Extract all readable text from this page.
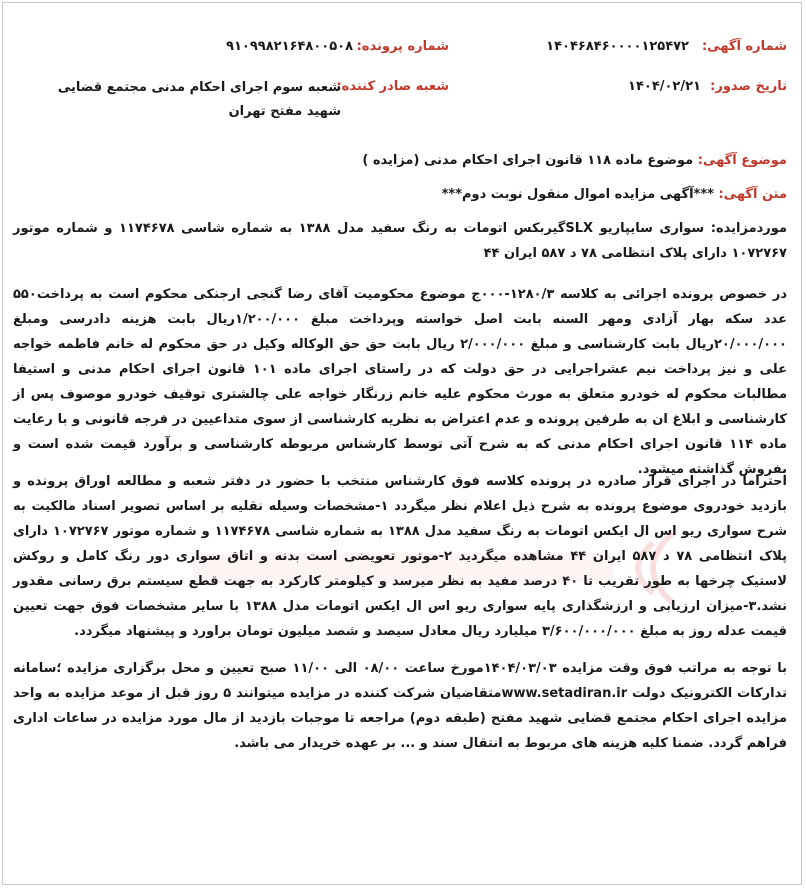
شماره آگهی:
۱۴۰۴۶۸۴۶۰۰۰۰۱۲۵۴۷۲
شماره پرونده:
۹۱۰۹۹۸۲۱۶۴۸۰۰۵۰۸
تاریخ صدور:
۱۴۰۴/۰۲/۲۱
شعبه صادر کننده:
شعبه سوم اجرای احکام مدنی مجتمع قضایی شهید مفتح تهران
موضوع آگهی: موضوع ماده ۱۱۸ قانون اجرای احکام مدنی (مزایده )
متن آگهی: ***آگهی مزایده اموال منقول نوبت دوم***
موردمزایده: سواری سایپاریو SLXگیربکس اتومات به رنگ سفید مدل ۱۳۸۸ به شماره شاسی ۱۱۷۴۶۷۸ و شماره موتور ۱۰۷۲۷۶۷ دارای پلاک انتظامی ۷۸ د ۵۸۷ ایران ۴۴
در خصوص پرونده اجرائی به کلاسه ۱۲۸۰/۳-۰۰۰ج موضوع محکومیت آقای رضا گنجی ارجنکی محکوم است به پرداخت۵۵۰ عدد سکه بهار آزادی ومهر السنه بابت اصل خواسته وپرداخت مبلغ ۱/۲۰۰/۰۰۰ریال بابت هزینه دادرسی ومبلغ ۲۰/۰۰۰/۰۰۰ریال بابت کارشناسی و مبلغ ۲/۰۰۰/۰۰۰ ریال بابت حق حق الوکاله وکیل در حق محکوم له خانم فاطمه خواجه علی و نیز پرداخت نیم عشراجرایی در حق دولت که در راستای اجرای ماده ۱۰۱ قانون اجرای احکام مدنی و استیفا مطالبات محکوم له خودرو متعلق به مورث محکوم علیه خانم زرنگار خواجه علی چالشتری توقیف خودرو موصوف پس از کارشناسی و ابلاغ ان به طرفین پرونده و عدم اعتراض به نظریه کارشناسی از سوی متداعیین در فرجه قانونی و با رعایت ماده ۱۱۴ قانون اجرای احکام مدنی که به شرح آتی توسط کارشناس مربوطه کارشناسی و برآورد قیمت شده است و بفروش گذاشته میشود.
احتراما در اجرای قرار صادره در پرونده کلاسه فوق کارشناس منتخب با حضور در دفتر شعبه و مطالعه اوراق پرونده و بازدید خودروی موضوع پرونده به شرح ذیل اعلام نظر میگردد ۱-مشخصات وسیله نقلیه بر اساس تصویر اسناد مالکیت به شرح سواری ریو اس ال ایکس اتومات به رنگ سفید مدل ۱۳۸۸ به شماره شاسی ۱۱۷۴۶۷۸ و شماره موتور ۱۰۷۲۷۶۷ دارای پلاک انتظامی ۷۸ د ۵۸۷ ایران ۴۴ مشاهده میگردید ۲-موتور تعویضی است بدنه و اتاق سواری دور رنگ کامل و روکش لاستیک چرخها به طور تقریب تا ۴۰ درصد مفید به نظر میرسد و کیلومتر کارکرد به جهت قطع سیستم برق رسانی مقدور نشد.۳-میزان ارزیابی و ارزشگذاری پایه سواری ریو اس ال ایکس اتومات مدل ۱۳۸۸ با سایر مشخصات فوق جهت تعیین قیمت عدله روز به مبلغ ۳/۶۰۰/۰۰۰/۰۰۰ میلیارد ریال معادل سیصد و شصد میلیون تومان براورد و پیشنهاد میگردد.
با توجه به مراتب فوق وقت مزایده ۱۴۰۴/۰۳/۰۳مورخ ساعت ۰۸/۰۰ الی ۱۱/۰۰ صبح تعیین و محل برگزاری مزایده ؛سامانه تدارکات الکترونیک دولت www.setadiran.irمتقاضیان شرکت کننده در مزایده میتوانند ۵ روز قبل از موعد مزایده به واحد مزایده اجرای احکام مجتمع قضایی شهید مفتح (طبقه دوم) مراجعه تا موجبات بازدید از مال مورد مزایده در ساعات اداری فراهم گردد. ضمنا کلیه هزینه های مربوط به انتقال سند و ... بر عهده خریدار می باشد.
